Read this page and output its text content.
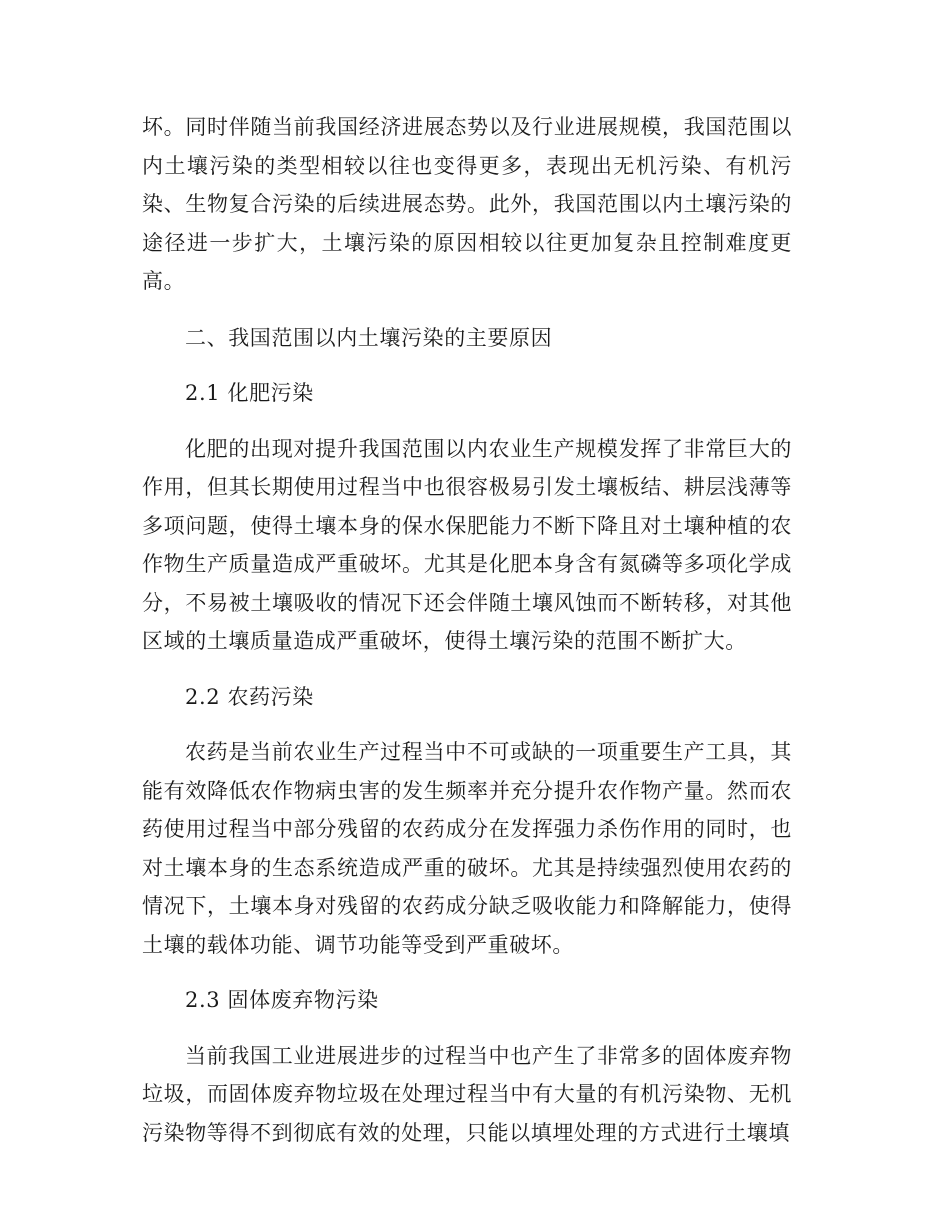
坏。同时伴随当前我国经济进展态势以及行业进展规模，我国范围以内土壤污染的类型相较以往也变得更多，表现出无机污染、有机污染、生物复合污染的后续进展态势。此外，我国范围以内土壤污染的途径进一步扩大，土壤污染的原因相较以往更加复杂且控制难度更高。

二、我国范围以内土壤污染的主要原因

2.1 化肥污染

化肥的出现对提升我国范围以内农业生产规模发挥了非常巨大的作用，但其长期使用过程当中也很容极易引发土壤板结、耕层浅薄等多项问题，使得土壤本身的保水保肥能力不断下降且对土壤种植的农作物生产质量造成严重破坏。尤其是化肥本身含有氮磷等多项化学成分，不易被土壤吸收的情况下还会伴随土壤风蚀而不断转移，对其他区域的土壤质量造成严重破坏，使得土壤污染的范围不断扩大。

2.2 农药污染

农药是当前农业生产过程当中不可或缺的一项重要生产工具，其能有效降低农作物病虫害的发生频率并充分提升农作物产量。然而农药使用过程当中部分残留的农药成分在发挥强力杀伤作用的同时，也对土壤本身的生态系统造成严重的破坏。尤其是持续强烈使用农药的情况下，土壤本身对残留的农药成分缺乏吸收能力和降解能力，使得土壤的载体功能、调节功能等受到严重破坏。

2.3 固体废弃物污染

当前我国工业进展进步的过程当中也产生了非常多的固体废弃物垃圾，而固体废弃物垃圾在处理过程当中有大量的有机污染物、无机污染物等得不到彻底有效的处理，只能以填埋处理的方式进行土壤填
